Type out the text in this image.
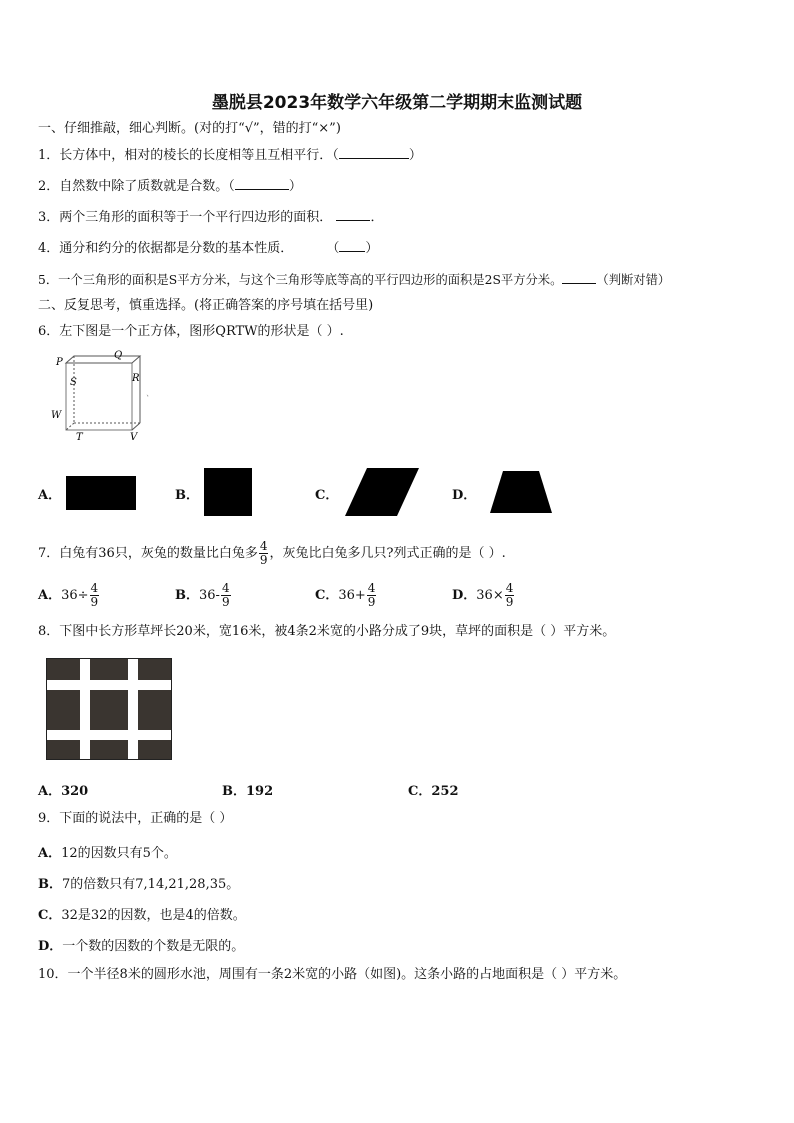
墨脱县2023年数学六年级第二学期期末监测试题
一、仔细推敲，细心判断。(对的打“√”，错的打“×”)
1．长方体中，相对的棱长的长度相等且互相平行．（	）
2．自然数中除了质数就是合数。（	）
3．两个三角形的面积等于一个平行四边形的面积．	．
4．通分和约分的依据都是分数的基本性质．	（ ）
5．一个三角形的面积是S平方分米，与这个三角形等底等高的平行四边形的面积是2S平方分米。	（判断对错）
二、反复思考，慎重选择。(将正确答案的序号填在括号里)
6．左下图是一个正方体，图形QRTW的形状是（ ）.
P
Q
S	R
W
T	V
、
A．	B．	C．	D．
7．白兔有36只，灰兔的数量比白兔多 $\frac{4}{9}$ ，灰兔比白兔多几只?列式正确的是（ ）.
A．$36\div \frac{4}{9}$	B．$36- \frac{4}{9}$	C．$36+ \frac{4}{9}$	D．$36\times \frac{4}{9}$
8．下图中长方形草坪长20米，宽16米，被4条2米宽的小路分成了9块，草坪的面积是（ ）平方米。
A．320	B．192	C．252
9．下面的说法中，正确的是（ ）
A．12的因数只有5个。
B．7的倍数只有7,14,21,28,35。
C．32是32的因数，也是4的倍数。
D．一个数的因数的个数是无限的。
10．一个半径8米的圆形水池，周围有一条2米宽的小路（如图)。这条小路的占地面积是（ ）平方米。
